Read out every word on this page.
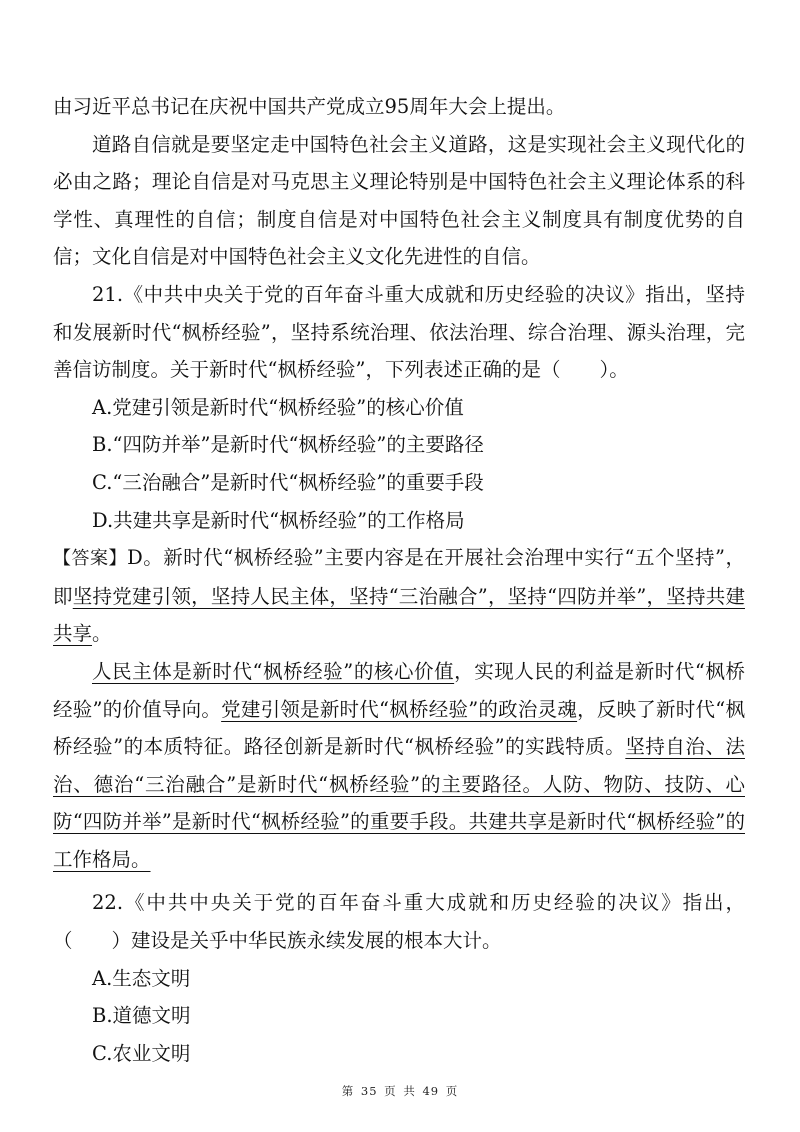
由习近平总书记在庆祝中国共产党成立95周年大会上提出。

道路自信就是要坚定走中国特色社会主义道路，这是实现社会主义现代化的必由之路；理论自信是对马克思主义理论特别是中国特色社会主义理论体系的科学性、真理性的自信；制度自信是对中国特色社会主义制度具有制度优势的自信；文化自信是对中国特色社会主义文化先进性的自信。

21.《中共中央关于党的百年奋斗重大成就和历史经验的决议》指出，坚持和发展新时代“枫桥经验”，坚持系统治理、依法治理、综合治理、源头治理，完善信访制度。关于新时代“枫桥经验”，下列表述正确的是（　　）。

A.党建引领是新时代“枫桥经验”的核心价值

B.“四防并举”是新时代“枫桥经验”的主要路径

C.“三治融合”是新时代“枫桥经验”的重要手段

D.共建共享是新时代“枫桥经验”的工作格局

【答案】D。新时代“枫桥经验”主要内容是在开展社会治理中实行“五个坚持”，即坚持党建引领，坚持人民主体，坚持“三治融合”，坚持“四防并举”，坚持共建共享。

人民主体是新时代“枫桥经验”的核心价值，实现人民的利益是新时代“枫桥经验”的价值导向。党建引领是新时代“枫桥经验”的政治灵魂，反映了新时代“枫桥经验”的本质特征。路径创新是新时代“枫桥经验”的实践特质。坚持自治、法治、德治“三治融合”是新时代“枫桥经验”的主要路径。人防、物防、技防、心防“四防并举”是新时代“枫桥经验”的重要手段。共建共享是新时代“枫桥经验”的工作格局。

22.《中共中央关于党的百年奋斗重大成就和历史经验的决议》指出，（　　）建设是关乎中华民族永续发展的根本大计。

A.生态文明

B.道德文明

C.农业文明

第 35 页 共 49 页
